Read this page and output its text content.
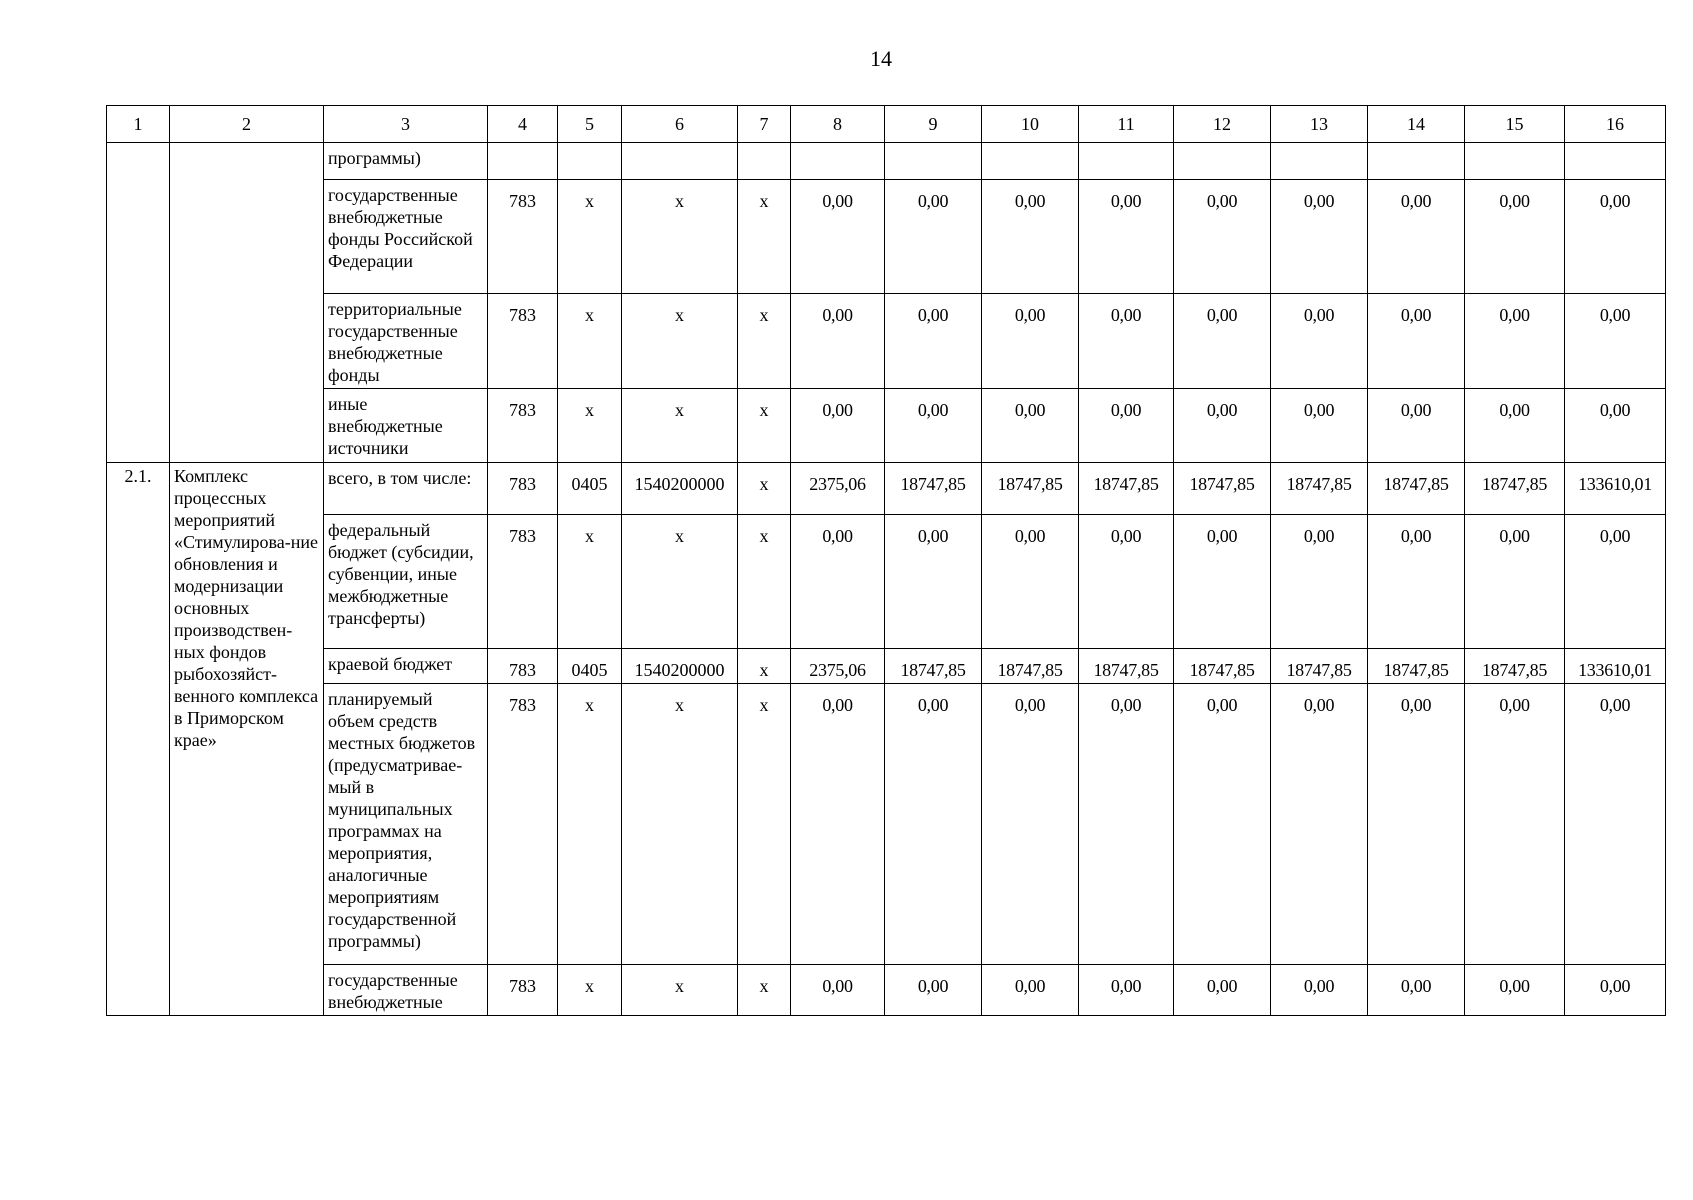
14
1	2	3	4	5	6	7	8	9	10	11	12	13	14	15	16
		программы)													
		государственные внебюджетные фонды Российской Федерации	783	x	x	x	0,00	0,00	0,00	0,00	0,00	0,00	0,00	0,00	0,00
		территориальные государственные внебюджетные фонды	783	x	x	x	0,00	0,00	0,00	0,00	0,00	0,00	0,00	0,00	0,00
		иные внебюджетные источники	783	x	x	x	0,00	0,00	0,00	0,00	0,00	0,00	0,00	0,00	0,00
2.1.	Комплекс процессных мероприятий «Стимулирова-ние обновления и модернизации основных производствен-ных фондов рыбохозяйст-венного комплекса в Приморском крае»	всего, в том числе:	783	0405	1540200000	x	2375,06	18747,85	18747,85	18747,85	18747,85	18747,85	18747,85	18747,85	133610,01
		федеральный бюджет (субсидии, субвенции, иные межбюджетные трансферты)	783	x	x	x	0,00	0,00	0,00	0,00	0,00	0,00	0,00	0,00	0,00
		краевой бюджет	783	0405	1540200000	x	2375,06	18747,85	18747,85	18747,85	18747,85	18747,85	18747,85	18747,85	133610,01
		планируемый объем средств местных бюджетов (предусматривае-мый в муниципальных программах на мероприятия, аналогичные мероприятиям государственной программы)	783	x	x	x	0,00	0,00	0,00	0,00	0,00	0,00	0,00	0,00	0,00
		государственные внебюджетные	783	x	x	x	0,00	0,00	0,00	0,00	0,00	0,00	0,00	0,00	0,00
